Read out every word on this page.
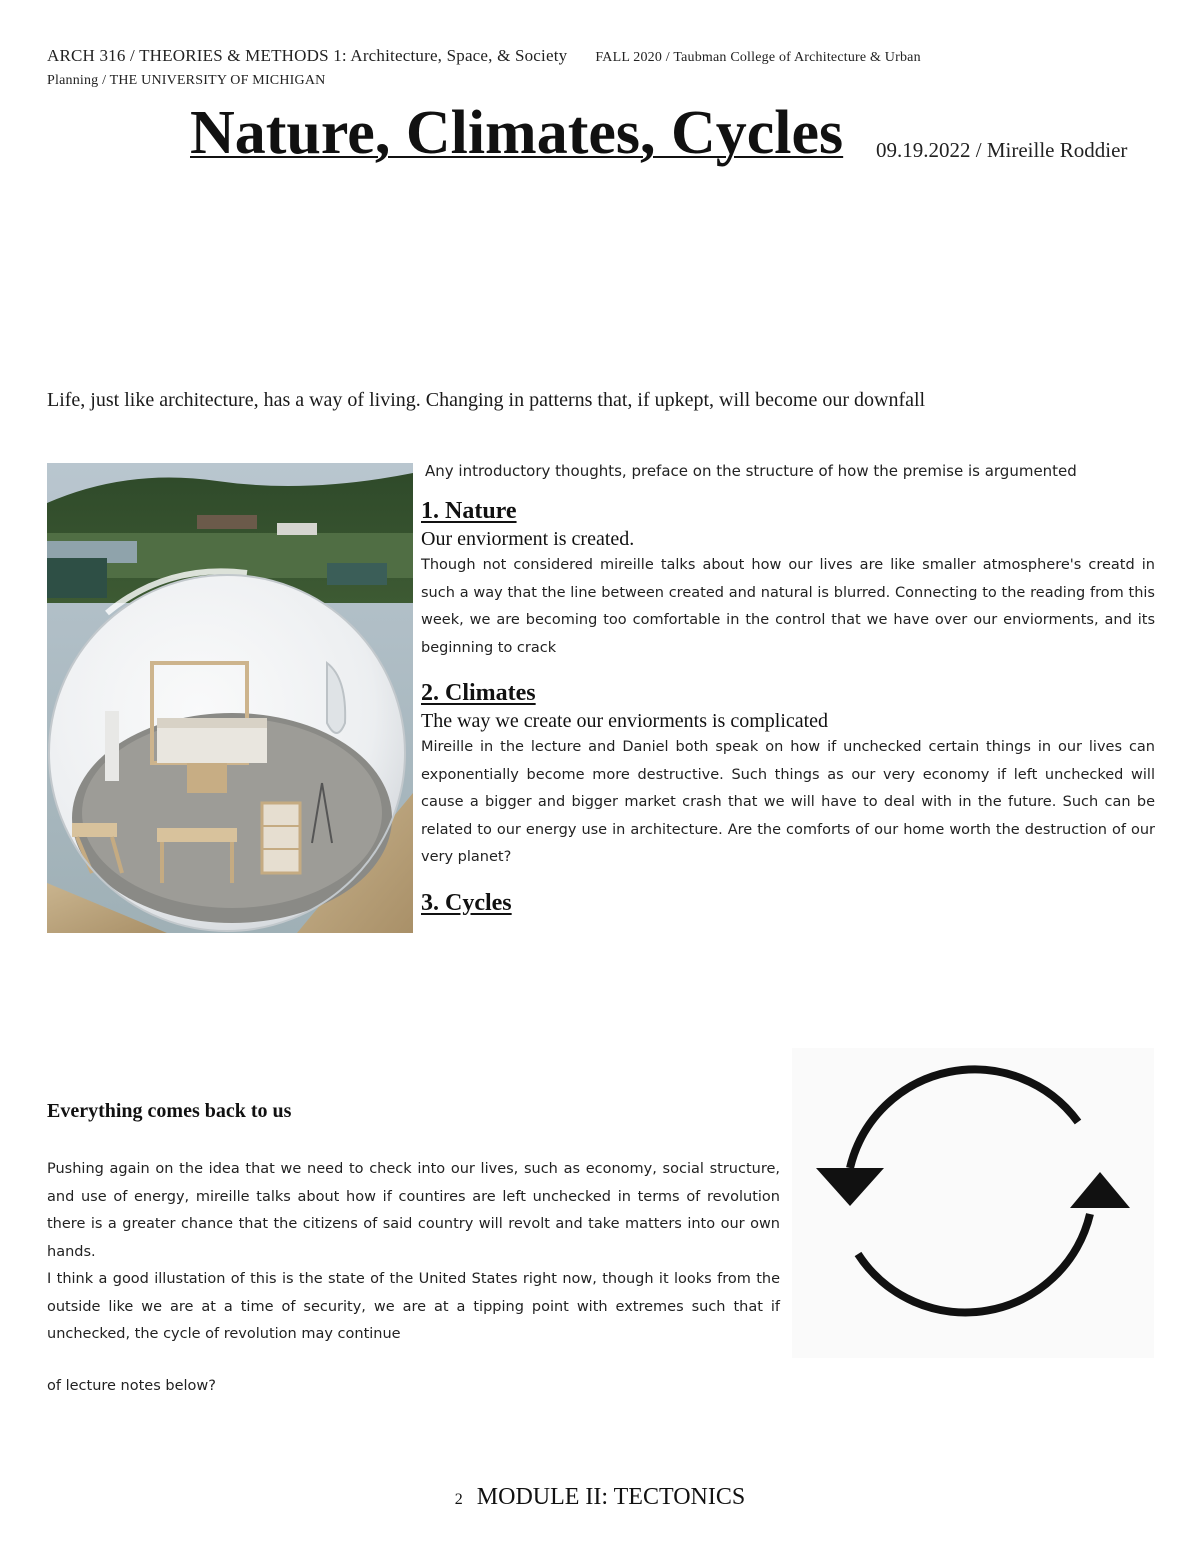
ARCH 316 / THEORIES & METHODS 1: Architecture, Space, & Society FALL 2020 / Taubman College of Architecture & Urban
Planning / THE UNIVERSITY OF MICHIGAN
Nature, Climates, Cycles 09.19.2022 / Mireille Roddier

Life, just like architecture, has a way of living. Changing in patterns that, if upkept, will become our downfall

Any introductory thoughts, preface on the structure of how the premise is argumented

1. Nature

Our enviorment is created.

Though not considered mireille talks about how our lives are like smaller atmosphere's creatd in such a way that the line between created and natural is blurred. Connecting to the reading from this week, we are becoming too comfortable in the control that we have over our enviorments, and its beginning to crack

2. Climates

The way we create our enviorments is complicated

Mireille in the lecture and Daniel both speak on how if unchecked certain things in our lives can exponentially become more destructive. Such things as our very economy if left unchecked will cause a bigger and bigger market crash that we will have to deal with in the future. Such can be related to our energy use in architecture. Are the comforts of our home worth the destruction of our very planet?

3. Cycles
Everything comes back to us

Pushing again on the idea that we need to check into our lives, such as economy, social structure, and use of energy, mireille talks about how if countires are left unchecked in terms of revolution there is a greater chance that the citizens of said country will revolt and take matters into our own hands.

I think a good illustation of this is the state of the United States right now, though it looks from the outside like we are at a time of security, we are at a tipping point with extremes such that if unchecked, the cycle of revolution may continue

of lecture notes below?

2 MODULE II: TECTONICS
